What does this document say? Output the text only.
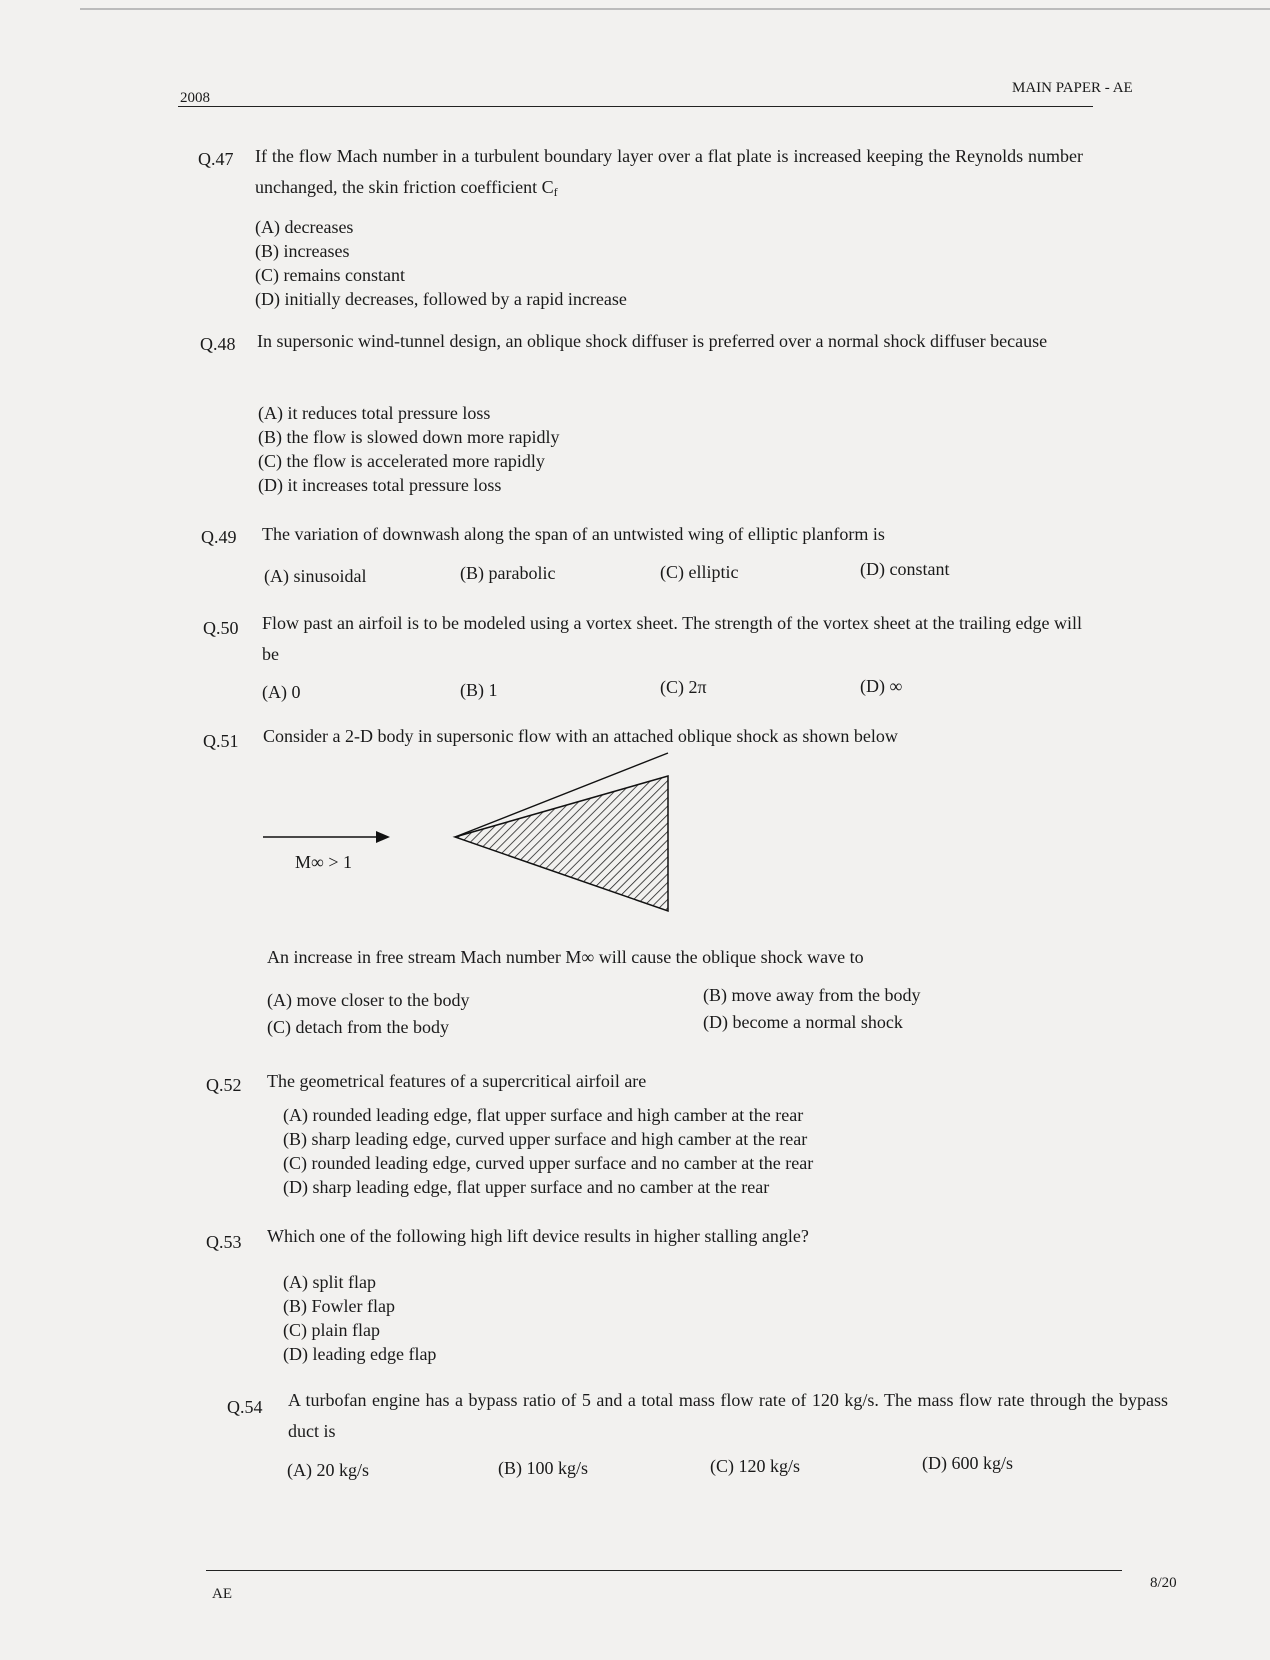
2008
MAIN PAPER - AE
Q.47 If the flow Mach number in a turbulent boundary layer over a flat plate is increased keeping the Reynolds number unchanged, the skin friction coefficient $C_f$
(A) decreases
(B) increases
(C) remains constant
(D) initially decreases, followed by a rapid increase
Q.48 In supersonic wind-tunnel design, an oblique shock diffuser is preferred over a normal shock diffuser because
(A) it reduces total pressure loss
(B) the flow is slowed down more rapidly
(C) the flow is accelerated more rapidly
(D) it increases total pressure loss
Q.49 The variation of downwash along the span of an untwisted wing of elliptic planform is
(A) sinusoidal	(B) parabolic	(C) elliptic	(D) constant
Q.50 Flow past an airfoil is to be modeled using a vortex sheet. The strength of the vortex sheet at the trailing edge will be
(A) 0	(B) 1	(C) 2π	(D) ∞
Q.51 Consider a 2-D body in supersonic flow with an attached oblique shock as shown below
M∞ > 1
An increase in free stream Mach number M∞ will cause the oblique shock wave to
(A) move closer to the body	(B) move away from the body
(C) detach from the body	(D) become a normal shock
Q.52 The geometrical features of a supercritical airfoil are
(A) rounded leading edge, flat upper surface and high camber at the rear
(B) sharp leading edge, curved upper surface and high camber at the rear
(C) rounded leading edge, curved upper surface and no camber at the rear
(D) sharp leading edge, flat upper surface and no camber at the rear
Q.53 Which one of the following high lift device results in higher stalling angle?
(A) split flap
(B) Fowler flap
(C) plain flap
(D) leading edge flap
Q.54 A turbofan engine has a bypass ratio of 5 and a total mass flow rate of 120 kg/s. The mass flow rate through the bypass duct is
(A) 20 kg/s	(B) 100 kg/s	(C) 120 kg/s	(D) 600 kg/s
AE
8/20
